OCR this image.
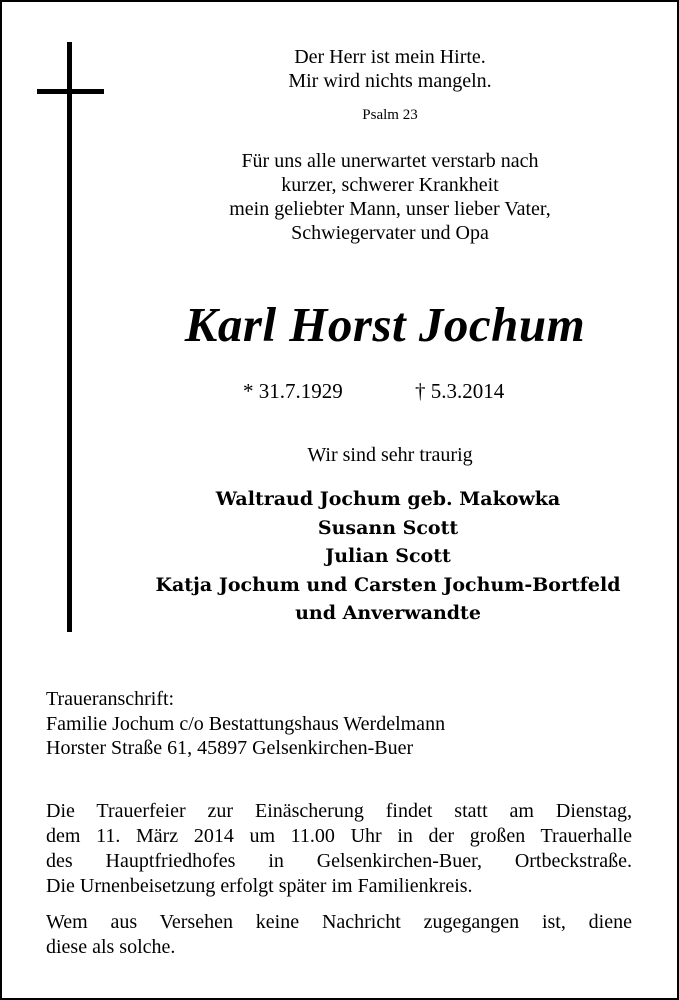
Der Herr ist mein Hirte.

Mir wird nichts mangeln.

Psalm 23

Für uns alle unerwartet verstarb nach

kurzer, schwerer Krankheit

mein geliebter Mann, unser lieber Vater,

Schwiegervater und Opa

Karl Horst Jochum
* 31.7.1929	† 5.3.2014
Wir sind sehr traurig
Waltraud Jochum geb. Makowka
Susann Scott
Julian Scott
Katja Jochum und Carsten Jochum-Bortfeld
und Anverwandte
Traueranschrift:
Familie Jochum c/o Bestattungshaus Werdelmann
Horster Straße 61, 45897 Gelsenkirchen-Buer
Die Trauerfeier zur Einäscherung findet statt am Dienstag,
dem 11. März 2014 um 11.00 Uhr in der großen Trauerhalle
des Hauptfriedhofes in Gelsenkirchen-Buer, Ortbeckstraße.
Die Urnenbeisetzung erfolgt später im Familienkreis.
Wem aus Versehen keine Nachricht zugegangen ist, diene
diese als solche.
